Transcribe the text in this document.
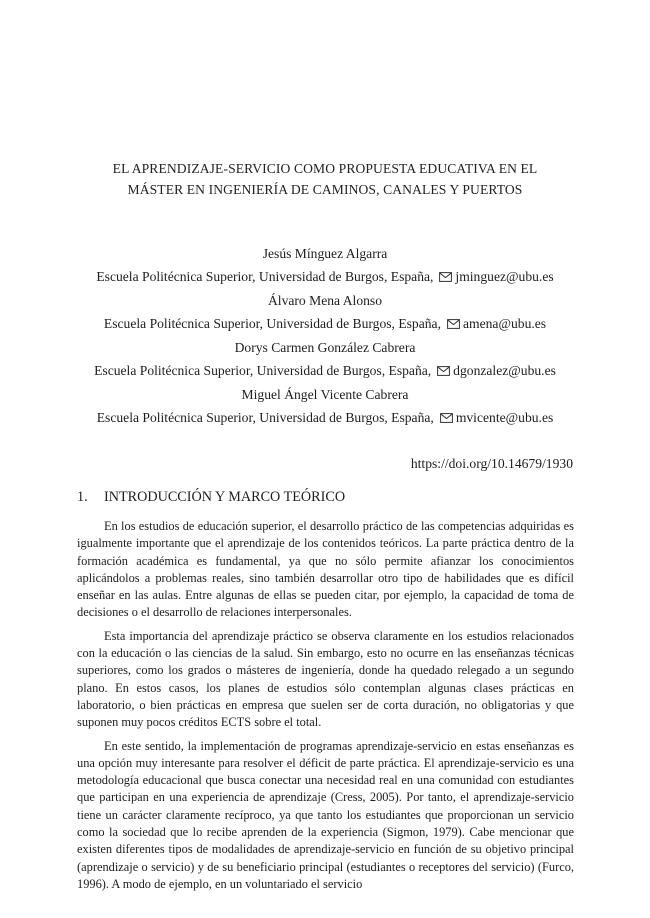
EL APRENDIZAJE-SERVICIO COMO PROPUESTA EDUCATIVA EN EL
MÁSTER EN INGENIERÍA DE CAMINOS, CANALES Y PUERTOS
Jesús Mínguez Algarra
Escuela Politécnica Superior, Universidad de Burgos, España, jminguez@ubu.es
Álvaro Mena Alonso
Escuela Politécnica Superior, Universidad de Burgos, España, amena@ubu.es
Dorys Carmen González Cabrera
Escuela Politécnica Superior, Universidad de Burgos, España, dgonzalez@ubu.es
Miguel Ángel Vicente Cabrera
Escuela Politécnica Superior, Universidad de Burgos, España, mvicente@ubu.es
https://doi.org/10.14679/1930
1. INTRODUCCIÓN Y MARCO TEÓRICO

En los estudios de educación superior, el desarrollo práctico de las competencias adquiridas es igualmente importante que el aprendizaje de los contenidos teóricos. La parte práctica dentro de la formación académica es fundamental, ya que no sólo permite afianzar los conocimientos aplicándolos a problemas reales, sino también desarrollar otro tipo de habilidades que es difícil enseñar en las aulas. Entre algunas de ellas se pueden citar, por ejemplo, la capacidad de toma de decisiones o el desarrollo de relaciones interpersonales.

Esta importancia del aprendizaje práctico se observa claramente en los estudios relacionados con la educación o las ciencias de la salud. Sin embargo, esto no ocurre en las enseñanzas técnicas superiores, como los grados o másteres de ingeniería, donde ha quedado relegado a un segundo plano. En estos casos, los planes de estudios sólo contemplan algunas clases prácticas en laboratorio, o bien prácticas en empresa que suelen ser de corta duración, no obligatorias y que suponen muy pocos créditos ECTS sobre el total.

En este sentido, la implementación de programas aprendizaje-servicio en estas enseñanzas es una opción muy interesante para resolver el déficit de parte práctica. El aprendizaje-servicio es una metodología educacional que busca conectar una necesidad real en una comunidad con estudiantes que participan en una experiencia de aprendizaje (Cress, 2005). Por tanto, el aprendizaje-servicio tiene un carácter claramente recíproco, ya que tanto los estudiantes que proporcionan un servicio como la sociedad que lo recibe aprenden de la experiencia (Sigmon, 1979). Cabe mencionar que existen diferentes tipos de modalidades de aprendizaje-servicio en función de su objetivo principal (aprendizaje o servicio) y de su beneficiario principal (estudiantes o receptores del servicio) (Furco, 1996). A modo de ejemplo, en un voluntariado el servicio
